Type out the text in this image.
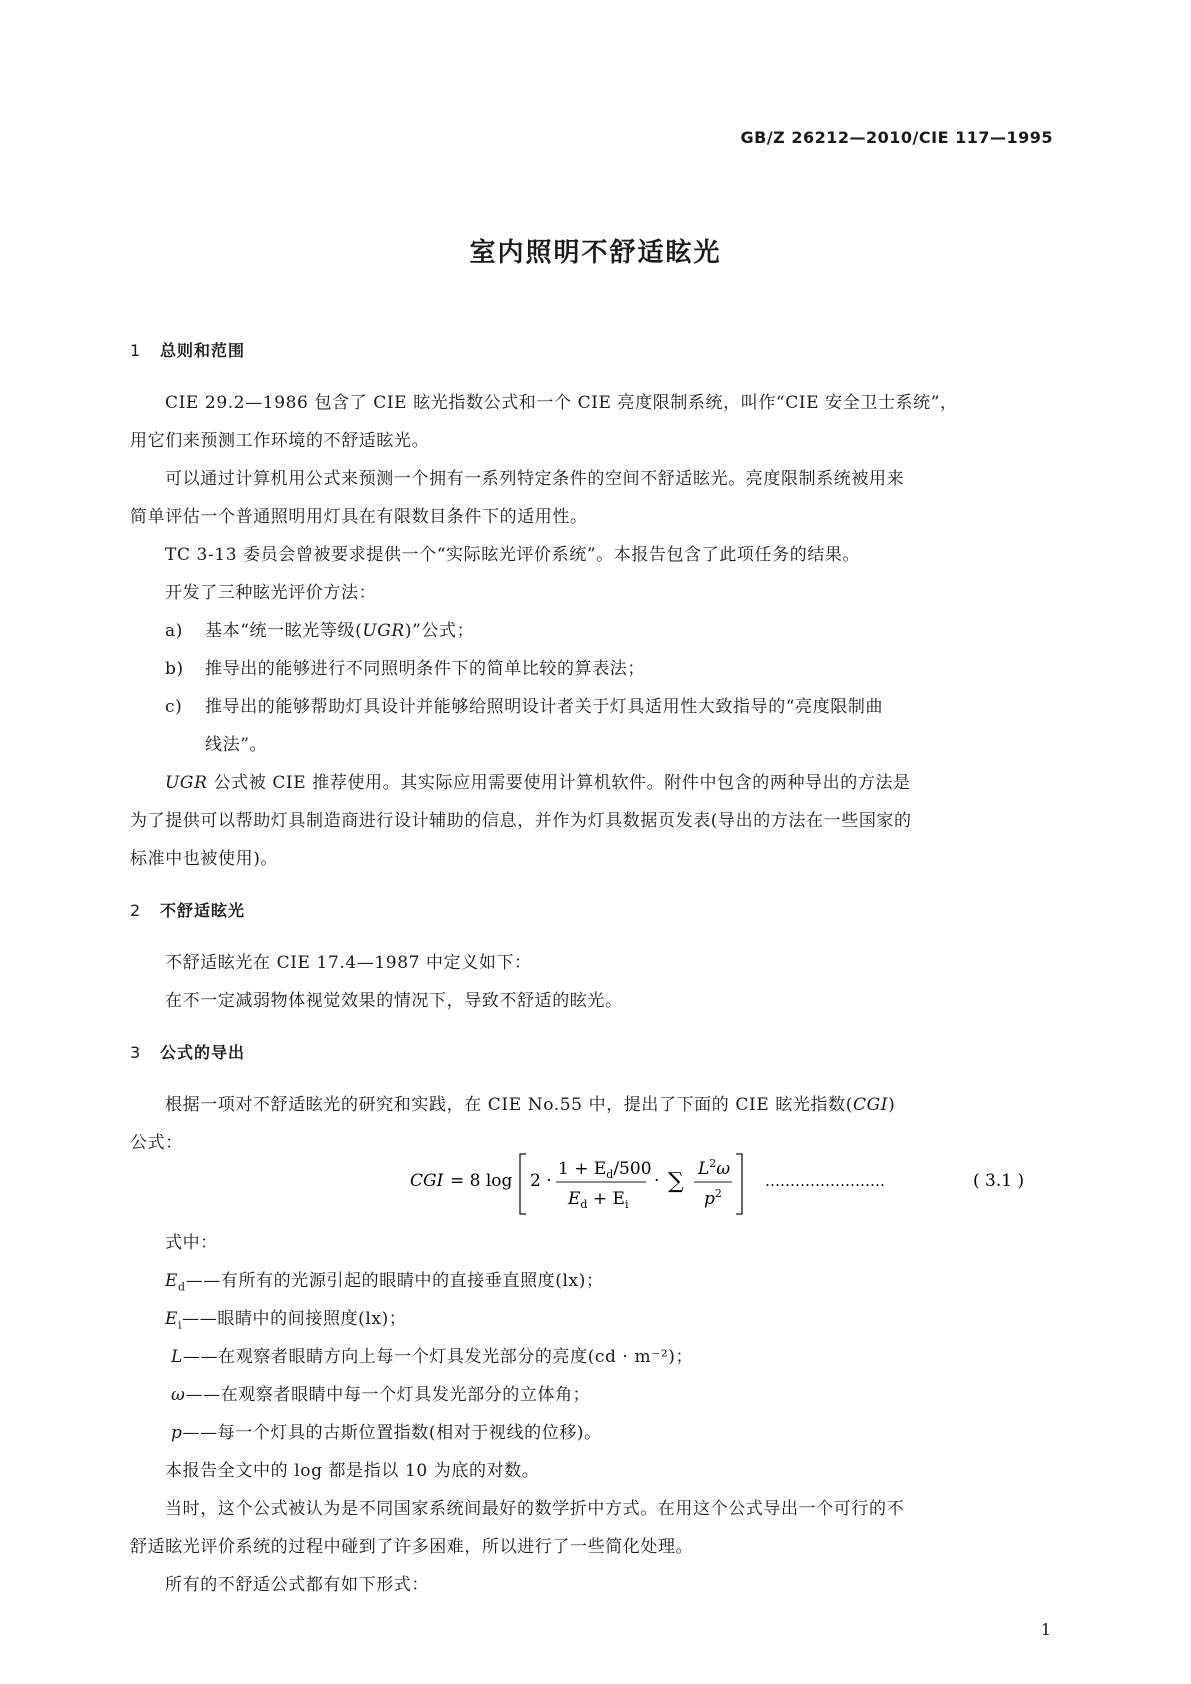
GB/Z 26212—2010/CIE 117—1995
室内照明不舒适眩光
1 总则和范围
CIE 29.2—1986 包含了 CIE 眩光指数公式和一个 CIE 亮度限制系统，叫作“CIE 安全卫士系统”，
用它们来预测工作环境的不舒适眩光。
可以通过计算机用公式来预测一个拥有一系列特定条件的空间不舒适眩光。亮度限制系统被用来
简单评估一个普通照明用灯具在有限数目条件下的适用性。
TC 3-13 委员会曾被要求提供一个“实际眩光评价系统”。本报告包含了此项任务的结果。
开发了三种眩光评价方法：
a) 基本“统一眩光等级(UGR)”公式；
b) 推导出的能够进行不同照明条件下的简单比较的算表法；
c) 推导出的能够帮助灯具设计并能够给照明设计者关于灯具适用性大致指导的“亮度限制曲
线法”。
UGR 公式被 CIE 推荐使用。其实际应用需要使用计算机软件。附件中包含的两种导出的方法是
为了提供可以帮助灯具制造商进行设计辅助的信息，并作为灯具数据页发表(导出的方法在一些国家的
标准中也被使用)。
2 不舒适眩光
不舒适眩光在 CIE 17.4—1987 中定义如下：
在不一定减弱物体视觉效果的情况下，导致不舒适的眩光。
3 公式的导出
根据一项对不舒适眩光的研究和实践，在 CIE No.55 中，提出了下面的 CIE 眩光指数(CGI)
公式：
CGI = 8 log 2 ·
$1 + E_d/500$
$E_d + E_i$
· ∑ $L^2\omega$
$p^2$
……………………	( 3.1 )
式中：
$E_d——$有所有的光源引起的眼睛中的直接垂直照度(lx)；
$E_i——$眼睛中的间接照度(lx)；
L——在观察者眼睛方向上每一个灯具发光部分的亮度(cd · m⁻²)；
ω——在观察者眼睛中每一个灯具发光部分的立体角；
p——每一个灯具的古斯位置指数(相对于视线的位移)。
本报告全文中的 log 都是指以 10 为底的对数。
当时，这个公式被认为是不同国家系统间最好的数学折中方式。在用这个公式导出一个可行的不
舒适眩光评价系统的过程中碰到了许多困难，所以进行了一些简化处理。
所有的不舒适公式都有如下形式：
1
